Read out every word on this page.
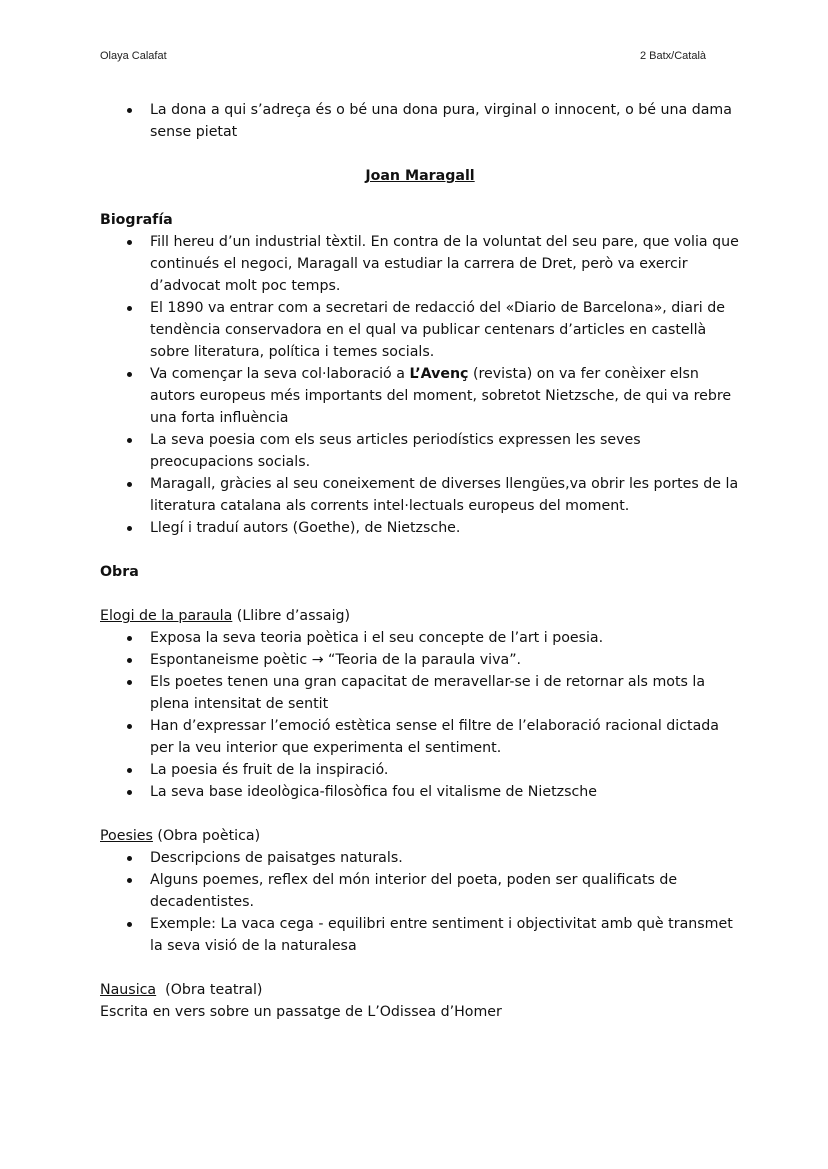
Olaya Calafat	2 Batx/Català
La dona a qui s’adreça és o bé una dona pura, virginal o innocent, o bé una dama sense pietat
Joan Maragall
Biografía
Fill hereu d’un industrial tèxtil. En contra de la voluntat del seu pare, que volia que continués el negoci, Maragall va estudiar la carrera de Dret, però va exercir d’advocat molt poc temps.
El 1890 va entrar com a secretari de redacció del «Diario de Barcelona», diari de tendència conservadora en el qual va publicar centenars d’articles en castellà sobre literatura, política i temes socials.
Va començar la seva col·laboració a L’Avenç (revista) on va fer conèixer elsn autors europeus més importants del moment, sobretot Nietzsche, de qui va rebre una forta influència
La seva poesia com els seus articles periodístics expressen les seves preocupacions socials.
Maragall, gràcies al seu coneixement de diverses llengües,va obrir les portes de la literatura catalana als corrents intel·lectuals europeus del moment.
Llegí i traduí autors (Goethe), de Nietzsche.
Obra
Elogi de la paraula (Llibre d’assaig)
Exposa la seva teoria poètica i el seu concepte de l’art i poesia.
Espontaneisme poètic → “Teoria de la paraula viva”.
Els poetes tenen una gran capacitat de meravellar-se i de retornar als mots la plena intensitat de sentit
Han d’expressar l’emoció estètica sense el filtre de l’elaboració racional dictada per la veu interior que experimenta el sentiment.
La poesia és fruit de la inspiració.
La seva base ideològica-filosòfica fou el vitalisme de Nietzsche
Poesies (Obra poètica)
Descripcions de paisatges naturals.
Alguns poemes, reflex del món interior del poeta, poden ser qualificats de decadentistes.
Exemple: La vaca cega - equilibri entre sentiment i objectivitat amb què transmet la seva visió de la naturalesa
Nausica  (Obra teatral)
Escrita en vers sobre un passatge de L’Odissea d’Homer
